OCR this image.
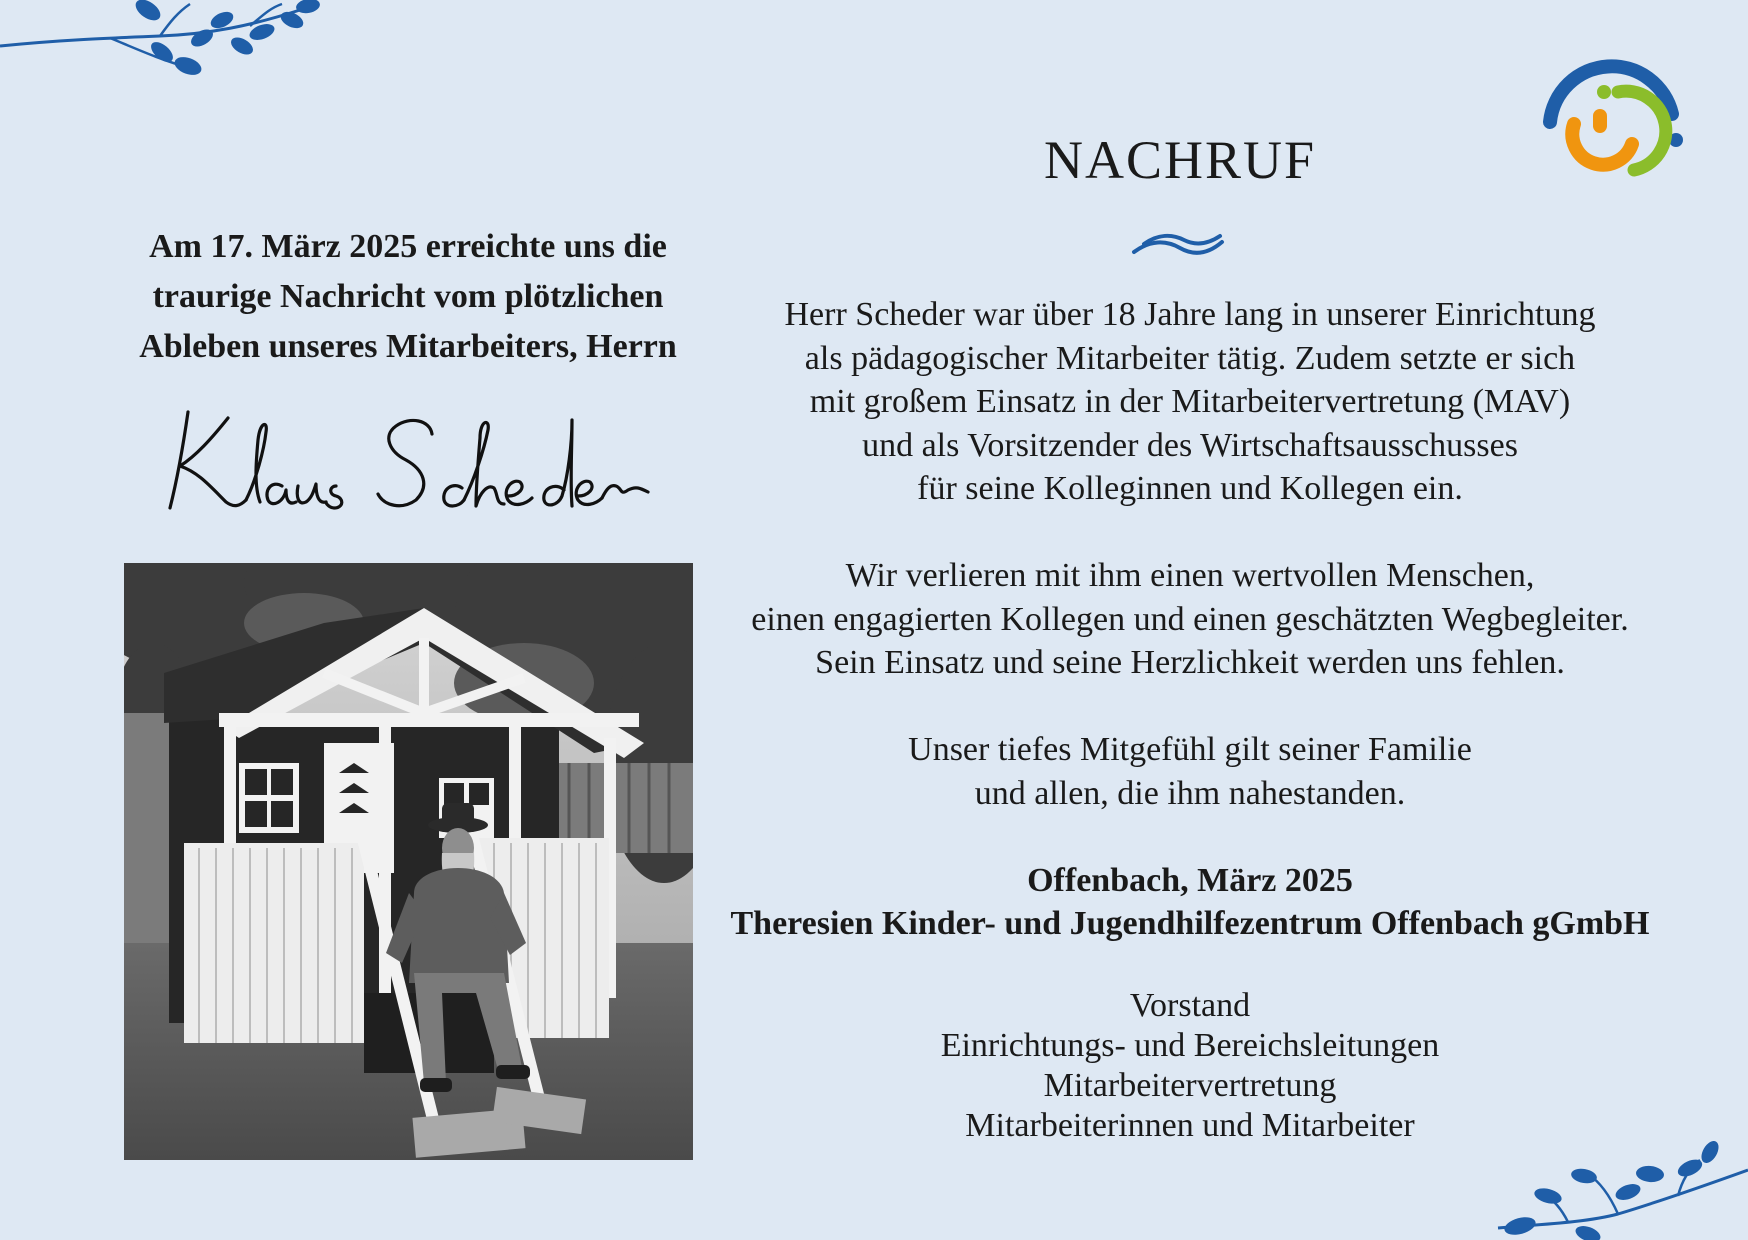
Am 17. März 2025 erreichte uns die
traurige Nachricht vom plötzlichen
Ableben unseres Mitarbeiters, Herrn
NACHRUF
Herr Scheder war über 18 Jahre lang in unserer Einrichtung
als pädagogischer Mitarbeiter tätig. Zudem setzte er sich
mit großem Einsatz in der Mitarbeitervertretung (MAV)
und als Vorsitzender des Wirtschaftsausschusses
für seine Kolleginnen und Kollegen ein.
Wir verlieren mit ihm einen wertvollen Menschen,
einen engagierten Kollegen und einen geschätzten Wegbegleiter.
Sein Einsatz und seine Herzlichkeit werden uns fehlen.
Unser tiefes Mitgefühl gilt seiner Familie
und allen, die ihm nahestanden.
Offenbach, März 2025
Theresien Kinder- und Jugendhilfezentrum Offenbach gGmbH
Vorstand
Einrichtungs- und Bereichsleitungen
Mitarbeitervertretung
Mitarbeiterinnen und Mitarbeiter
